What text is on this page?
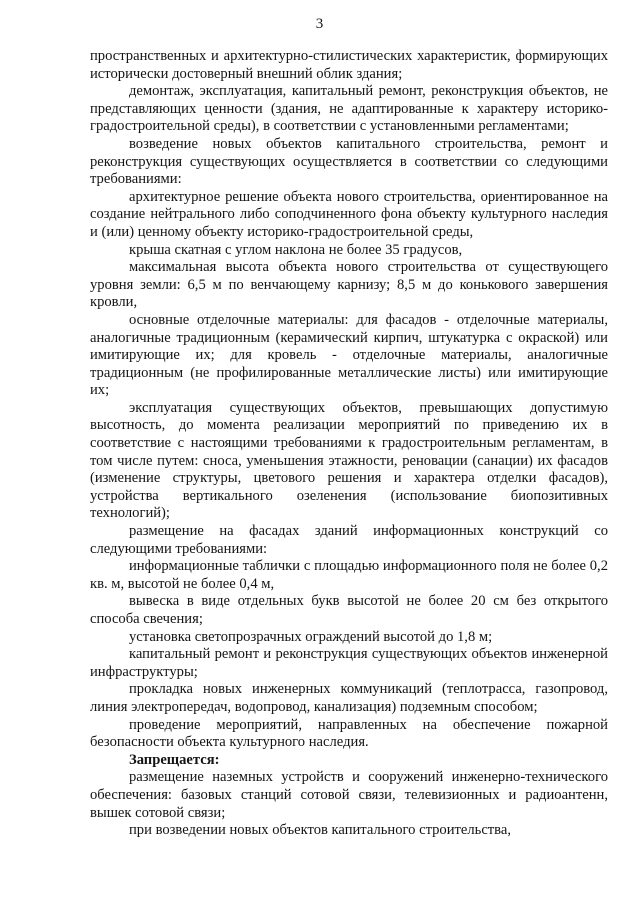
3

пространственных и архитектурно-стилистических характеристик, формирующих исторически достоверный внешний облик здания;

демонтаж, эксплуатация, капитальный ремонт, реконструкция объектов, не представляющих ценности (здания, не адаптированные к характеру историко-градостроительной среды), в соответствии с установленными регламентами;

возведение новых объектов капитального строительства, ремонт и реконструкция существующих осуществляется в соответствии со следующими требованиями:

архитектурное решение объекта нового строительства, ориентированное на создание нейтрального либо соподчиненного фона объекту культурного наследия и (или) ценному объекту историко-градостроительной среды,

крыша скатная с углом наклона не более 35 градусов,

максимальная высота объекта нового строительства от существующего уровня земли: 6,5 м по венчающему карнизу; 8,5 м до конькового завершения кровли,

основные отделочные материалы: для фасадов - отделочные материалы, аналогичные традиционным (керамический кирпич, штукатурка с окраской) или имитирующие их; для кровель - отделочные материалы, аналогичные традиционным (не профилированные металлические листы) или имитирующие их;

эксплуатация существующих объектов, превышающих допустимую высотность, до момента реализации мероприятий по приведению их в соответствие с настоящими требованиями к градостроительным регламентам, в том числе путем: сноса, уменьшения этажности, реновации (санации) их фасадов (изменение структуры, цветового решения и характера отделки фасадов), устройства вертикального озеленения (использование биопозитивных технологий);

размещение на фасадах зданий информационных конструкций со следующими требованиями:

информационные таблички с площадью информационного поля не более 0,2 кв. м, высотой не более 0,4 м,

вывеска в виде отдельных букв высотой не более 20 см без открытого способа свечения;

установка светопрозрачных ограждений высотой до 1,8 м;

капитальный ремонт и реконструкция существующих объектов инженерной инфраструктуры;

прокладка новых инженерных коммуникаций (теплотрасса, газопровод, линия электропередач, водопровод, канализация) подземным способом;

проведение мероприятий, направленных на обеспечение пожарной безопасности объекта культурного наследия.

Запрещается:

размещение наземных устройств и сооружений инженерно-технического обеспечения: базовых станций сотовой связи, телевизионных и радиоантенн, вышек сотовой связи;

при возведении новых объектов капитального строительства,
